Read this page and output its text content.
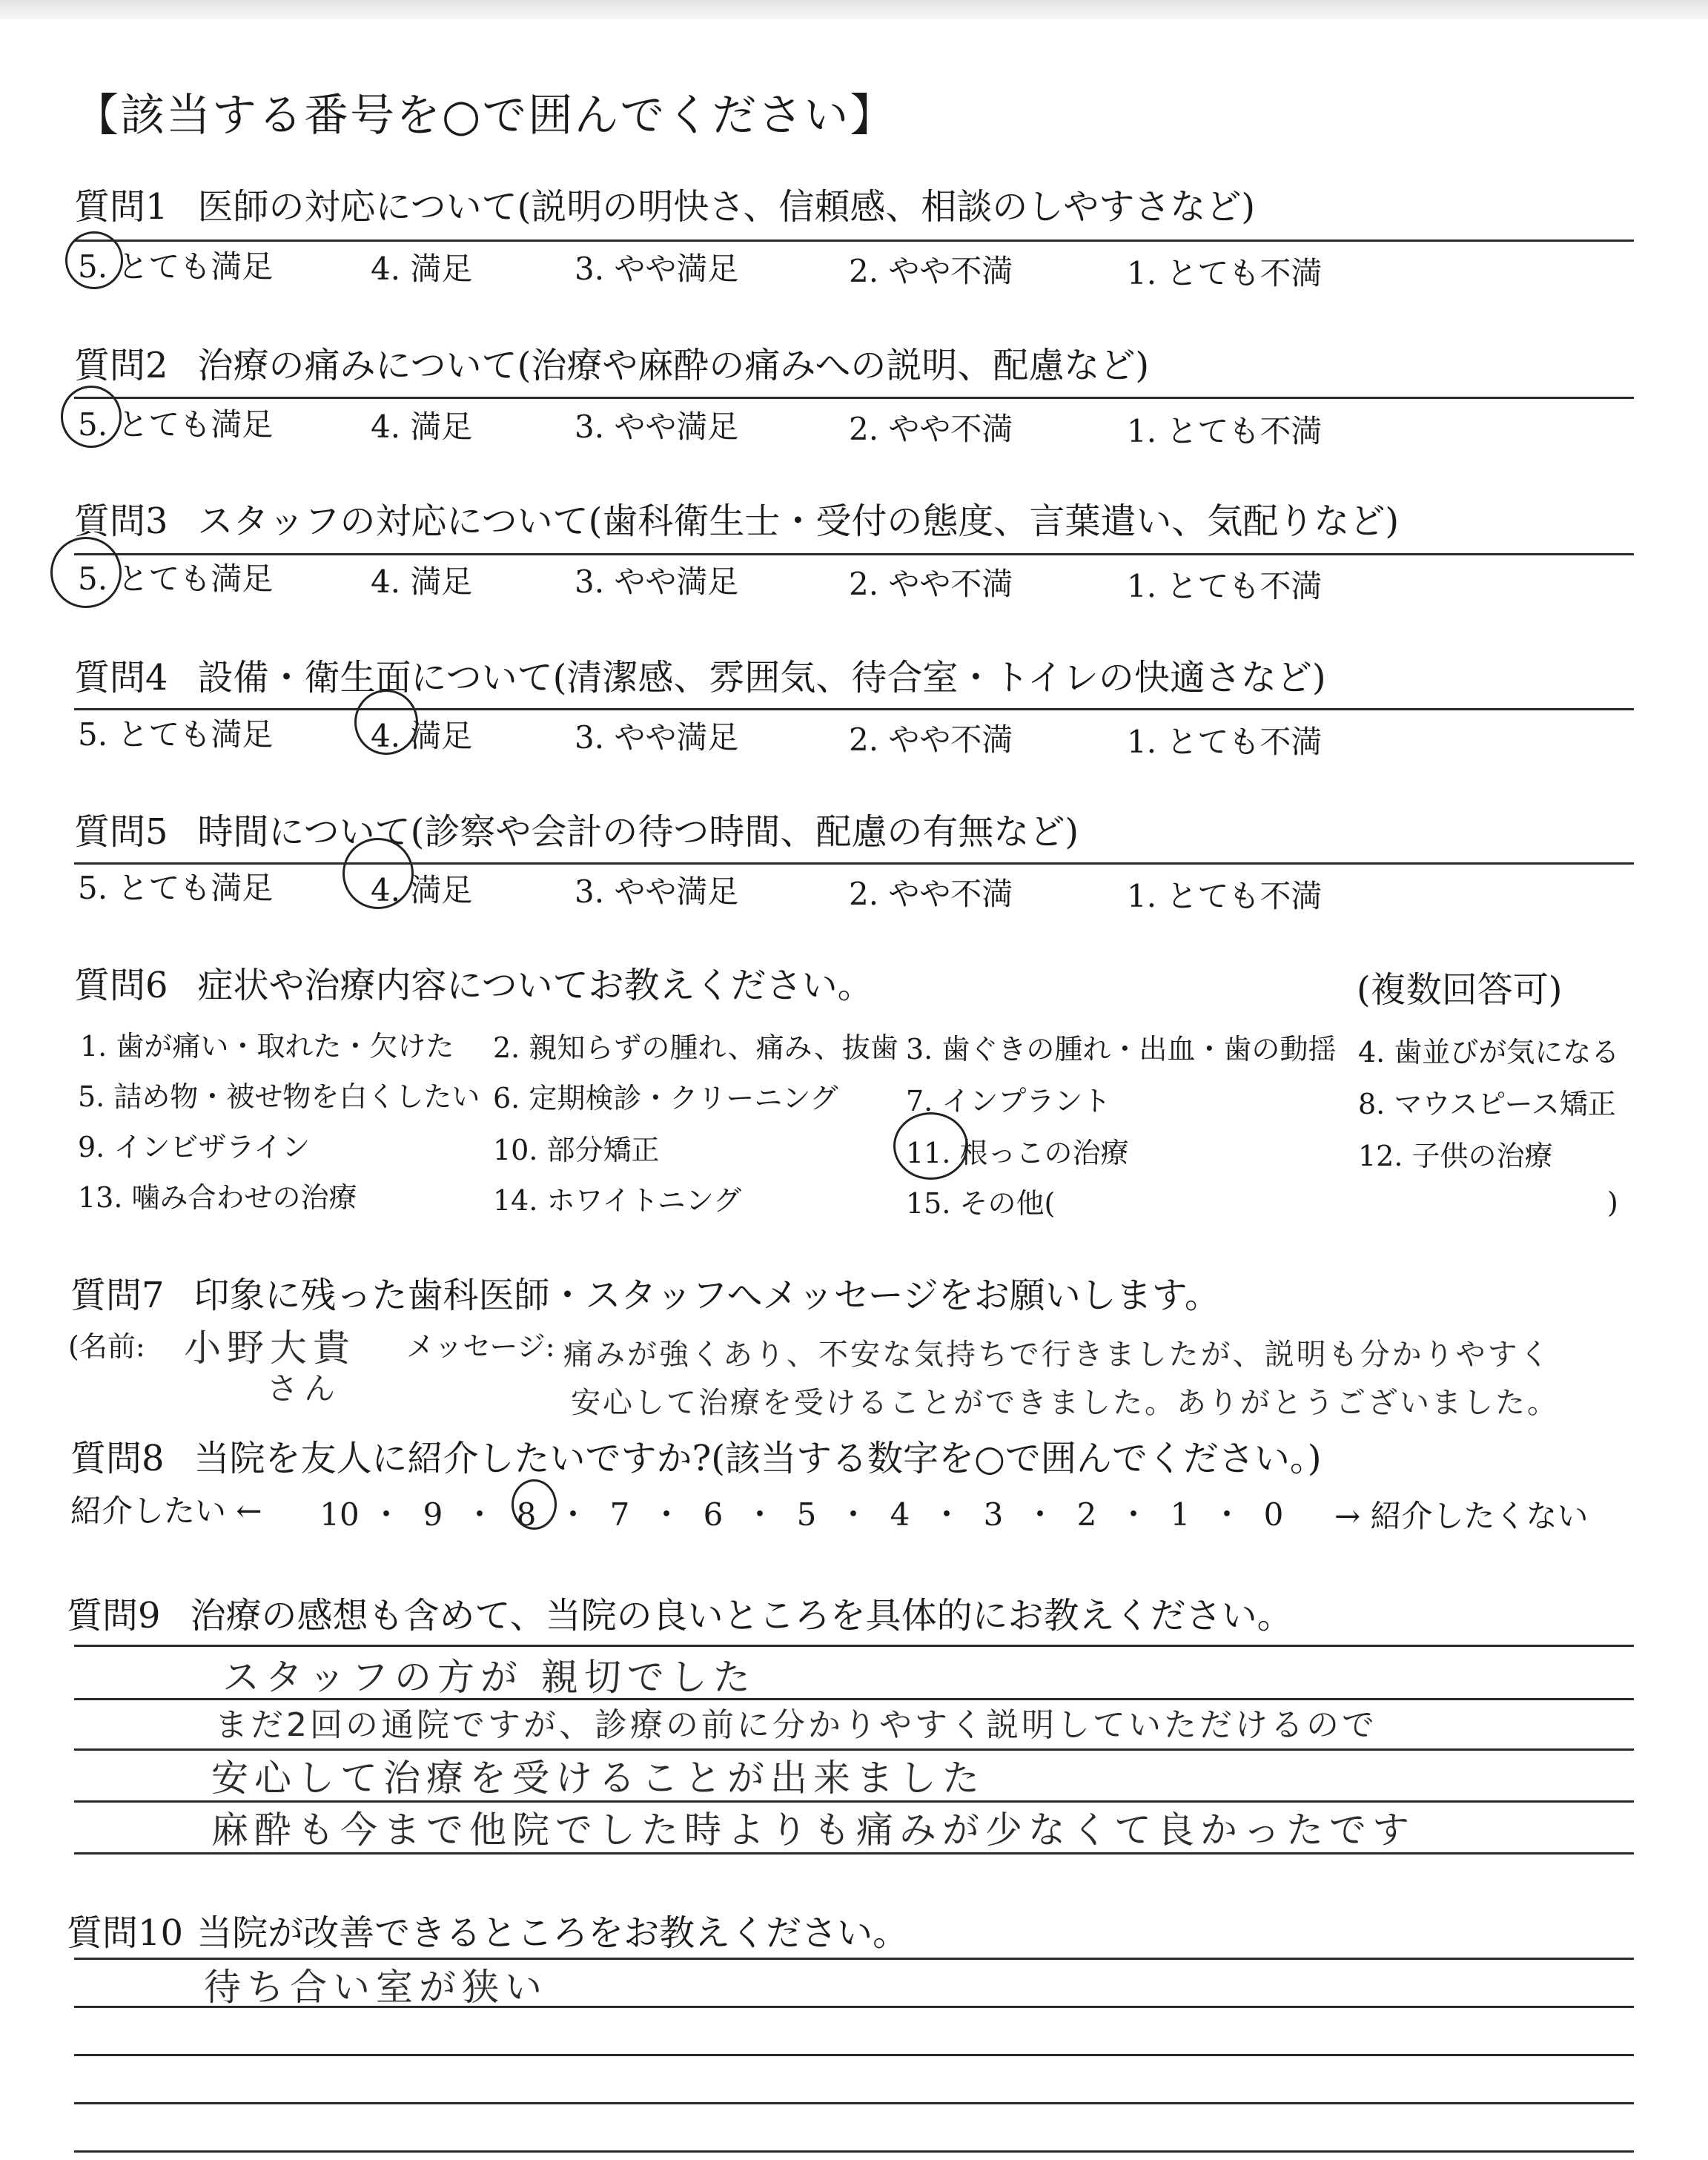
【該当する番号を○で囲んでください】
質問1 医師の対応について(説明の明快さ、信頼感、相談のしやすさなど)
5. とても満足	4. 満足	3. やや満足	2. やや不満	1. とても不満
質問2 治療の痛みについて(治療や麻酔の痛みへの説明、配慮など)
5. とても満足	4. 満足	3. やや満足	2. やや不満	1. とても不満
質問3 スタッフの対応について(歯科衛生士・受付の態度、言葉遣い、気配りなど)
5. とても満足	4. 満足	3. やや満足	2. やや不満	1. とても不満
質問4 設備・衛生面について(清潔感、雰囲気、待合室・トイレの快適さなど)
5. とても満足	4. 満足	3. やや満足	2. やや不満	1. とても不満
質問5 時間について(診察や会計の待つ時間、配慮の有無など)
5. とても満足	4. 満足	3. やや満足	2. やや不満	1. とても不満
質問6 症状や治療内容についてお教えください。	(複数回答可)
1. 歯が痛い・取れた・欠けた 2. 親知らずの腫れ、痛み、抜歯 3. 歯ぐきの腫れ・出血・歯の動揺 4. 歯並びが気になる
5. 詰め物・被せ物を白くしたい 6. 定期検診・クリーニング 7. インプラント	8. マウスピース矯正
9. インビザライン	10. 部分矯正	11. 根っこの治療	12. 子供の治療
13. 噛み合わせの治療	14. ホワイトニング	15. その他(	)
質問7 印象に残った歯科医師・スタッフへメッセージをお願いします。
(名前: 小野大貴
さん
メッセージ: 痛みが強くあり、不安な気持ちで行きましたが、説明も分かりやすく
安心して治療を受けることができました。ありがとうございました。
質問8 当院を友人に紹介したいですか?(該当する数字を○で囲んでください。)
紹介したい ← 10 ・ 9 ・ 8 ・ 7 ・ 6 ・ 5 ・ 4 ・ 3 ・ 2 ・ 1 ・ 0	→ 紹介したくない
質問9 治療の感想も含めて、当院の良いところを具体的にお教えください。
スタッフの方が 親切でした
まだ2回の通院ですが、診療の前に分かりやすく説明していただけるので
安心して治療を受けることが出来ました
麻酔も今まで他院でした時よりも痛みが少なくて良かったです
質問10 当院が改善できるところをお教えください。
待ち合い室が狭い
